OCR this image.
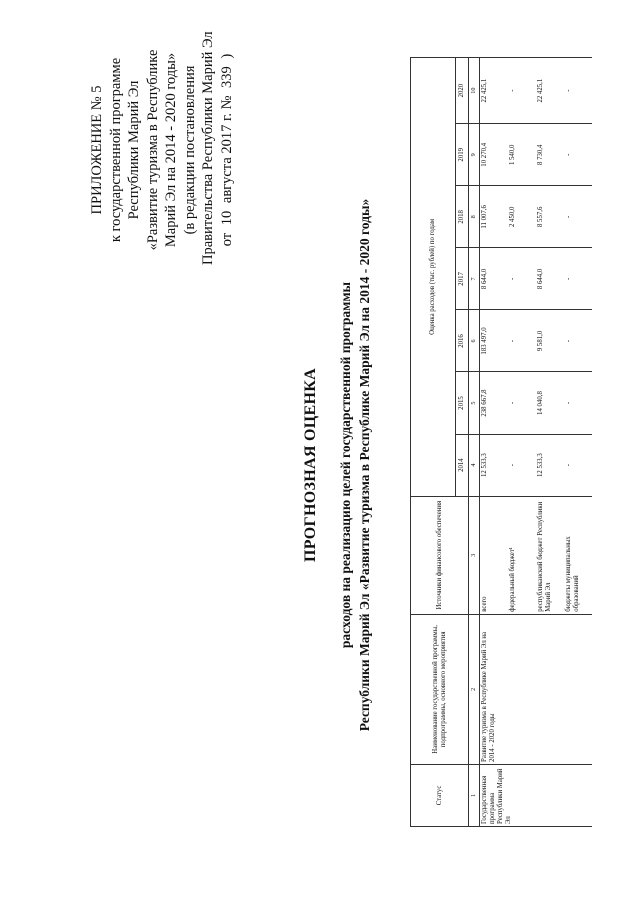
ПРИЛОЖЕНИЕ № 5 к государственной программе Республики Марий Эл «Развитие туризма в Республике Марий Эл на 2014 - 2020 годы» (в редакции постановления Правительства Республики Марий Эл от 10 августа 2017 г. № 339 )
ПРОГНОЗНАЯ ОЦЕНКА расходов на реализацию целей государственной программы Республики Марий Эл «Развитие туризма в Республике Марий Эл на 2014 - 2020 годы»
Статус	Наименование государственной программы, подпрограммы, основного мероприятия	Источники финансового обеспечения	Оценка расходов (тыс. рублей) по годам						
			2014	2015	2016	2017	2018	2019	2020
1	2	3	4	5	6	7	8	9	10
Государственная программа Республики Марий Эл	Развитие туризма в Республике Марий Эл на 2014 - 2020 годы	всего	12 533,3	238 667,8	183 497,0	8 644,0	11 007,6	10 270,4	22 425,1
		федеральный бюджет¹	-	-	-	-	2 450,0	1 540,0	-
		республиканский бюджет Республики Марий Эл	12 533,3	14 040,8	9 581,0	8 644,0	8 557,6	8 730,4	22 425,1
		бюджеты муниципальных образований	-	-	-	-	-	-	-
